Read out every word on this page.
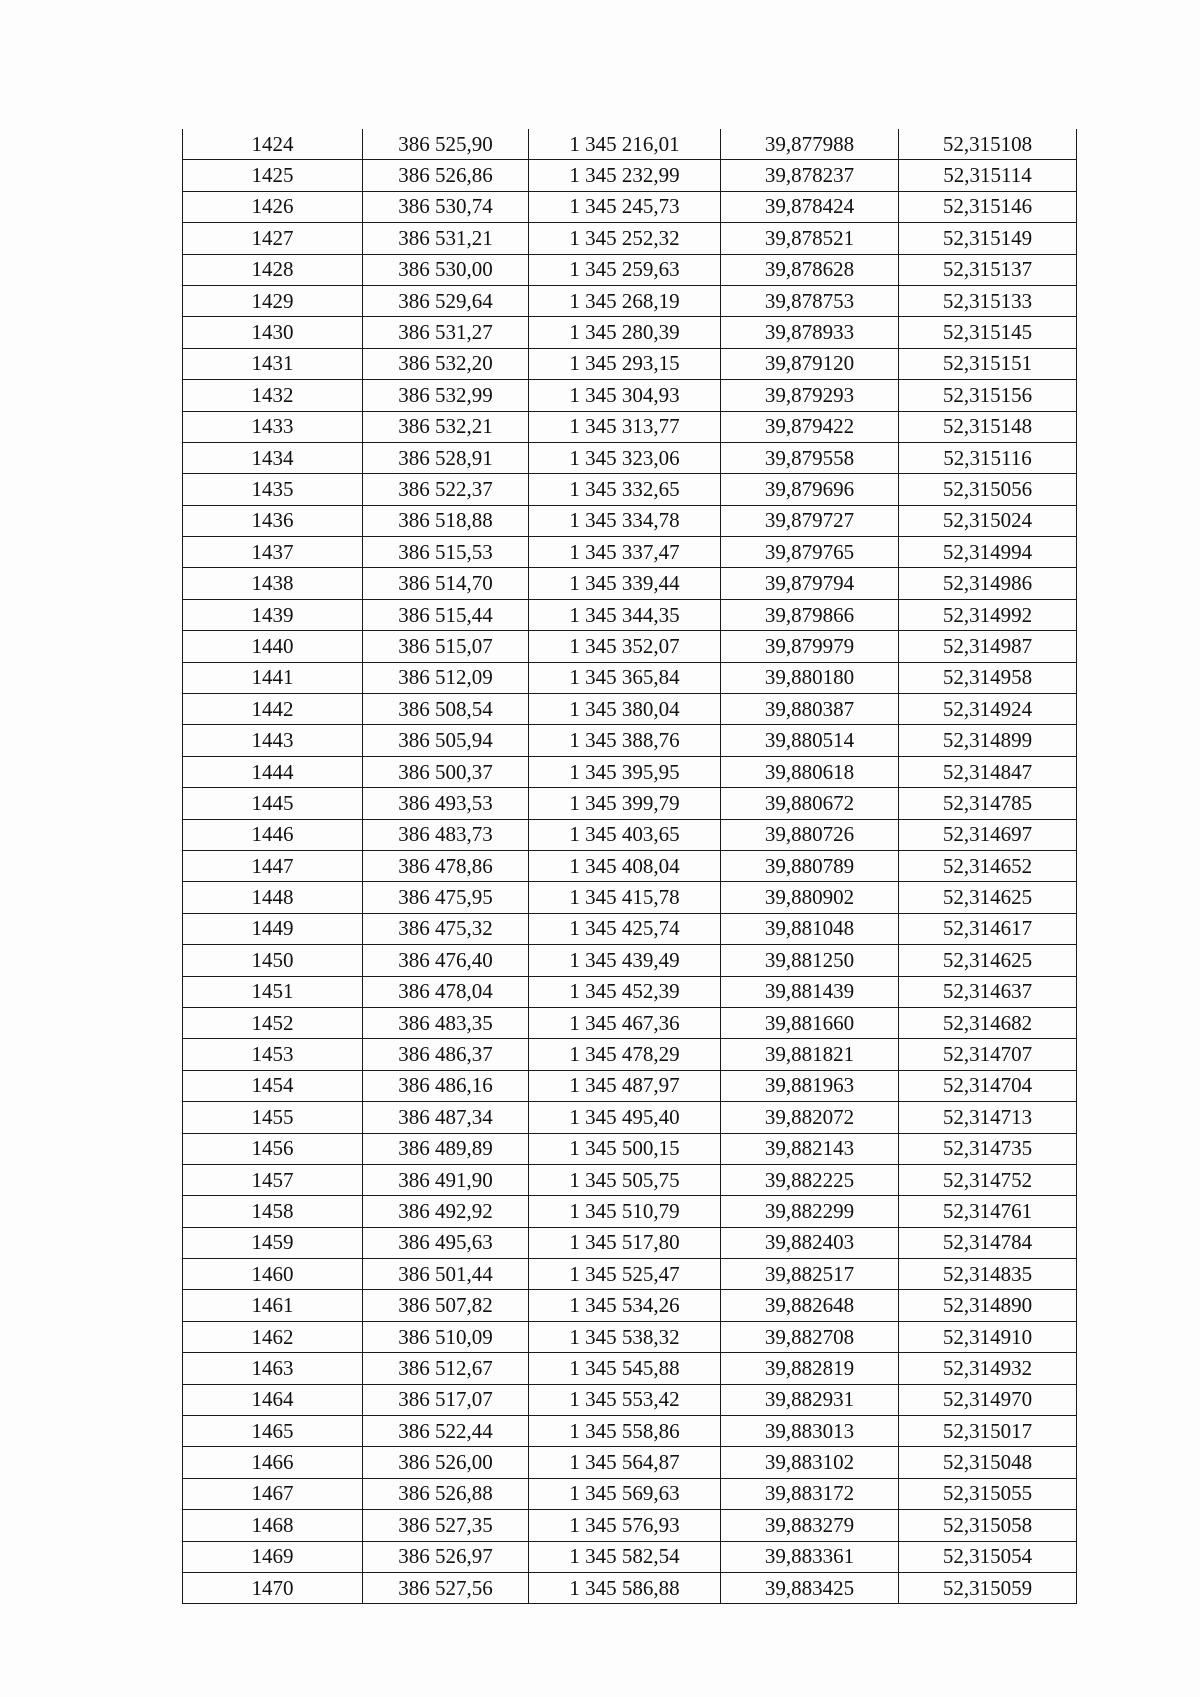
1424	386 525,90	1 345 216,01	39,877988	52,315108
1425	386 526,86	1 345 232,99	39,878237	52,315114
1426	386 530,74	1 345 245,73	39,878424	52,315146
1427	386 531,21	1 345 252,32	39,878521	52,315149
1428	386 530,00	1 345 259,63	39,878628	52,315137
1429	386 529,64	1 345 268,19	39,878753	52,315133
1430	386 531,27	1 345 280,39	39,878933	52,315145
1431	386 532,20	1 345 293,15	39,879120	52,315151
1432	386 532,99	1 345 304,93	39,879293	52,315156
1433	386 532,21	1 345 313,77	39,879422	52,315148
1434	386 528,91	1 345 323,06	39,879558	52,315116
1435	386 522,37	1 345 332,65	39,879696	52,315056
1436	386 518,88	1 345 334,78	39,879727	52,315024
1437	386 515,53	1 345 337,47	39,879765	52,314994
1438	386 514,70	1 345 339,44	39,879794	52,314986
1439	386 515,44	1 345 344,35	39,879866	52,314992
1440	386 515,07	1 345 352,07	39,879979	52,314987
1441	386 512,09	1 345 365,84	39,880180	52,314958
1442	386 508,54	1 345 380,04	39,880387	52,314924
1443	386 505,94	1 345 388,76	39,880514	52,314899
1444	386 500,37	1 345 395,95	39,880618	52,314847
1445	386 493,53	1 345 399,79	39,880672	52,314785
1446	386 483,73	1 345 403,65	39,880726	52,314697
1447	386 478,86	1 345 408,04	39,880789	52,314652
1448	386 475,95	1 345 415,78	39,880902	52,314625
1449	386 475,32	1 345 425,74	39,881048	52,314617
1450	386 476,40	1 345 439,49	39,881250	52,314625
1451	386 478,04	1 345 452,39	39,881439	52,314637
1452	386 483,35	1 345 467,36	39,881660	52,314682
1453	386 486,37	1 345 478,29	39,881821	52,314707
1454	386 486,16	1 345 487,97	39,881963	52,314704
1455	386 487,34	1 345 495,40	39,882072	52,314713
1456	386 489,89	1 345 500,15	39,882143	52,314735
1457	386 491,90	1 345 505,75	39,882225	52,314752
1458	386 492,92	1 345 510,79	39,882299	52,314761
1459	386 495,63	1 345 517,80	39,882403	52,314784
1460	386 501,44	1 345 525,47	39,882517	52,314835
1461	386 507,82	1 345 534,26	39,882648	52,314890
1462	386 510,09	1 345 538,32	39,882708	52,314910
1463	386 512,67	1 345 545,88	39,882819	52,314932
1464	386 517,07	1 345 553,42	39,882931	52,314970
1465	386 522,44	1 345 558,86	39,883013	52,315017
1466	386 526,00	1 345 564,87	39,883102	52,315048
1467	386 526,88	1 345 569,63	39,883172	52,315055
1468	386 527,35	1 345 576,93	39,883279	52,315058
1469	386 526,97	1 345 582,54	39,883361	52,315054
1470	386 527,56	1 345 586,88	39,883425	52,315059
